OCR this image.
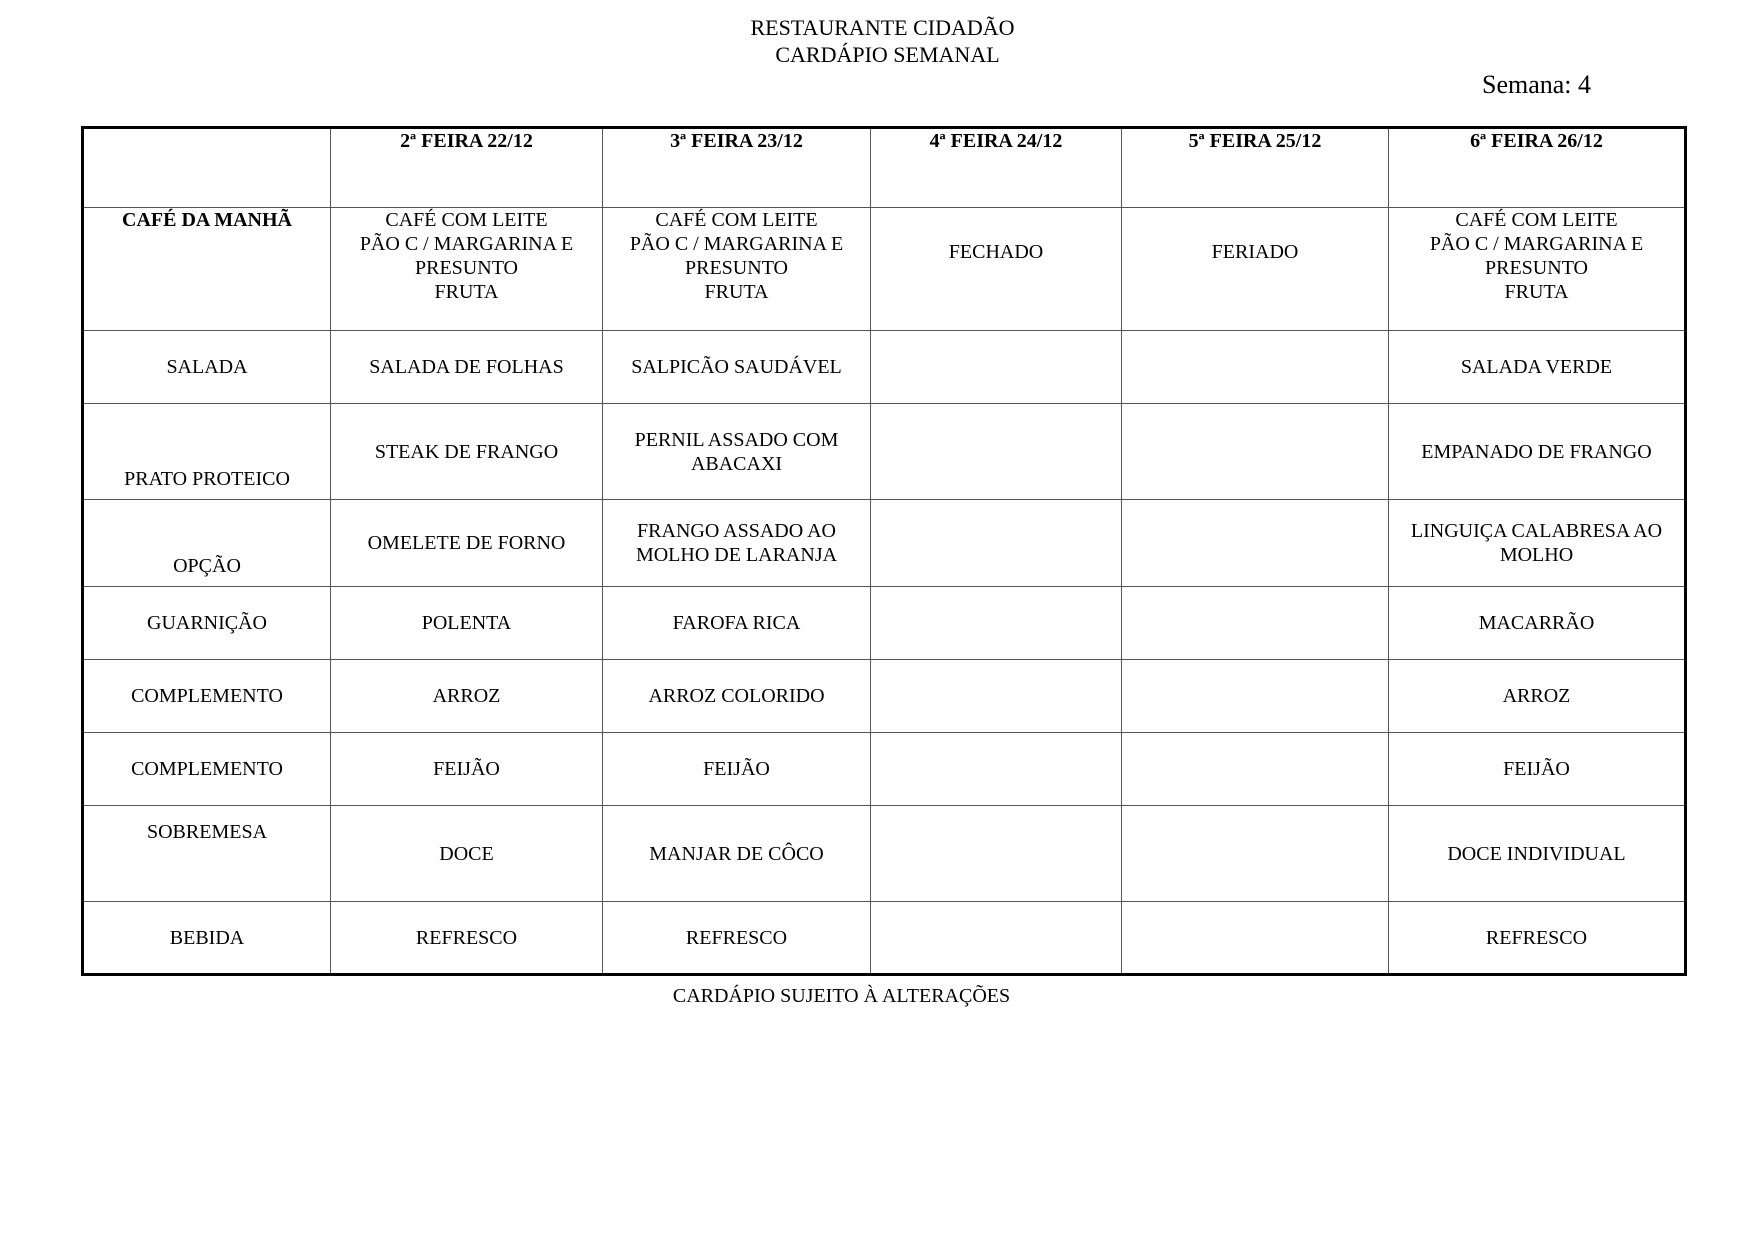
RESTAURANTE CIDADÃO
CARDÁPIO SEMANAL
Semana: 4
	2ª FEIRA 22/12	3ª FEIRA 23/12	4ª FEIRA 24/12	5ª FEIRA 25/12	6ª FEIRA 26/12
CAFÉ DA MANHÃ	CAFÉ COM LEITE
PÃO C / MARGARINA E
PRESUNTO
FRUTA	CAFÉ COM LEITE
PÃO C / MARGARINA E
PRESUNTO
FRUTA	FECHADO	FERIADO	CAFÉ COM LEITE
PÃO C / MARGARINA E
PRESUNTO
FRUTA

SALADA	SALADA DE FOLHAS	SALPICÃO SAUDÁVEL			SALADA VERDE
PRATO PROTEICO	STEAK DE FRANGO	PERNIL ASSADO COM ABACAXI			EMPANADO DE FRANGO
OPÇÃO	OMELETE DE FORNO	FRANGO ASSADO AO MOLHO DE LARANJA			LINGUIÇA CALABRESA AO MOLHO
GUARNIÇÃO	POLENTA	FAROFA RICA			MACARRÃO
COMPLEMENTO	ARROZ	ARROZ COLORIDO			ARROZ
COMPLEMENTO	FEIJÃO	FEIJÃO			FEIJÃO
SOBREMESA	DOCE	MANJAR DE CÔCO			DOCE INDIVIDUAL
BEBIDA	REFRESCO	REFRESCO			REFRESCO
CARDÁPIO SUJEITO À ALTERAÇÕES
